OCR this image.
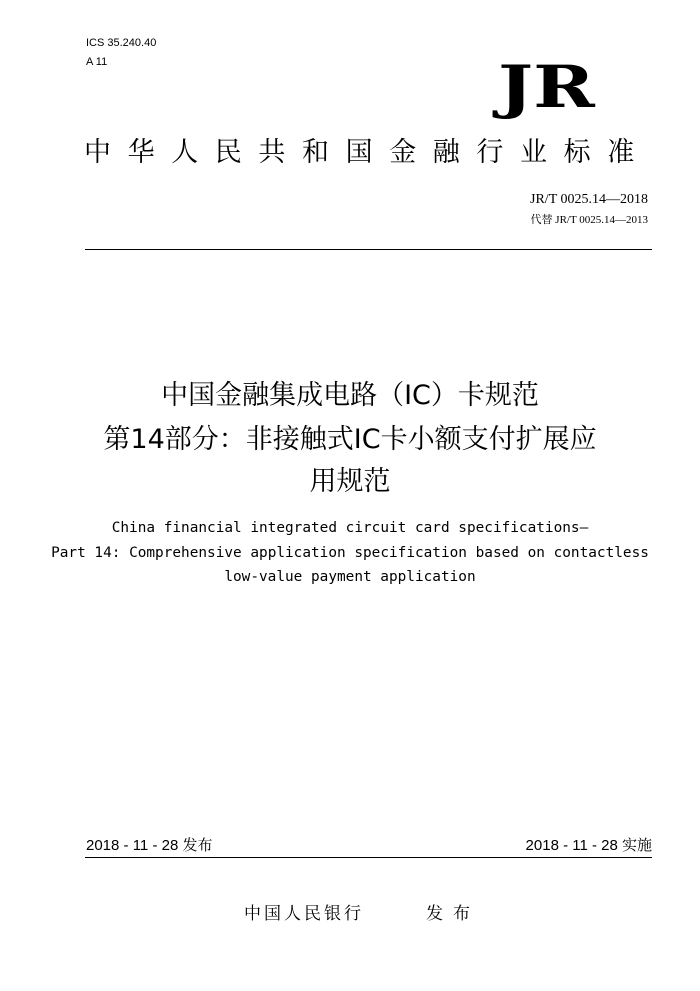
ICS 35.240.40
A 11	JR
中华人民共和国金融行业标准
JR/T 0025.14—2018
代替 JR/T 0025.14—2013
中国金融集成电路（IC）卡规范
第14部分：非接触式IC卡小额支付扩展应
用规范
China financial integrated circuit card specifications—
Part 14: Comprehensive application specification based on contactless
low-value payment application
2018 - 11 - 28 发布	2018 - 11 - 28 实施
中国人民银行	发布
